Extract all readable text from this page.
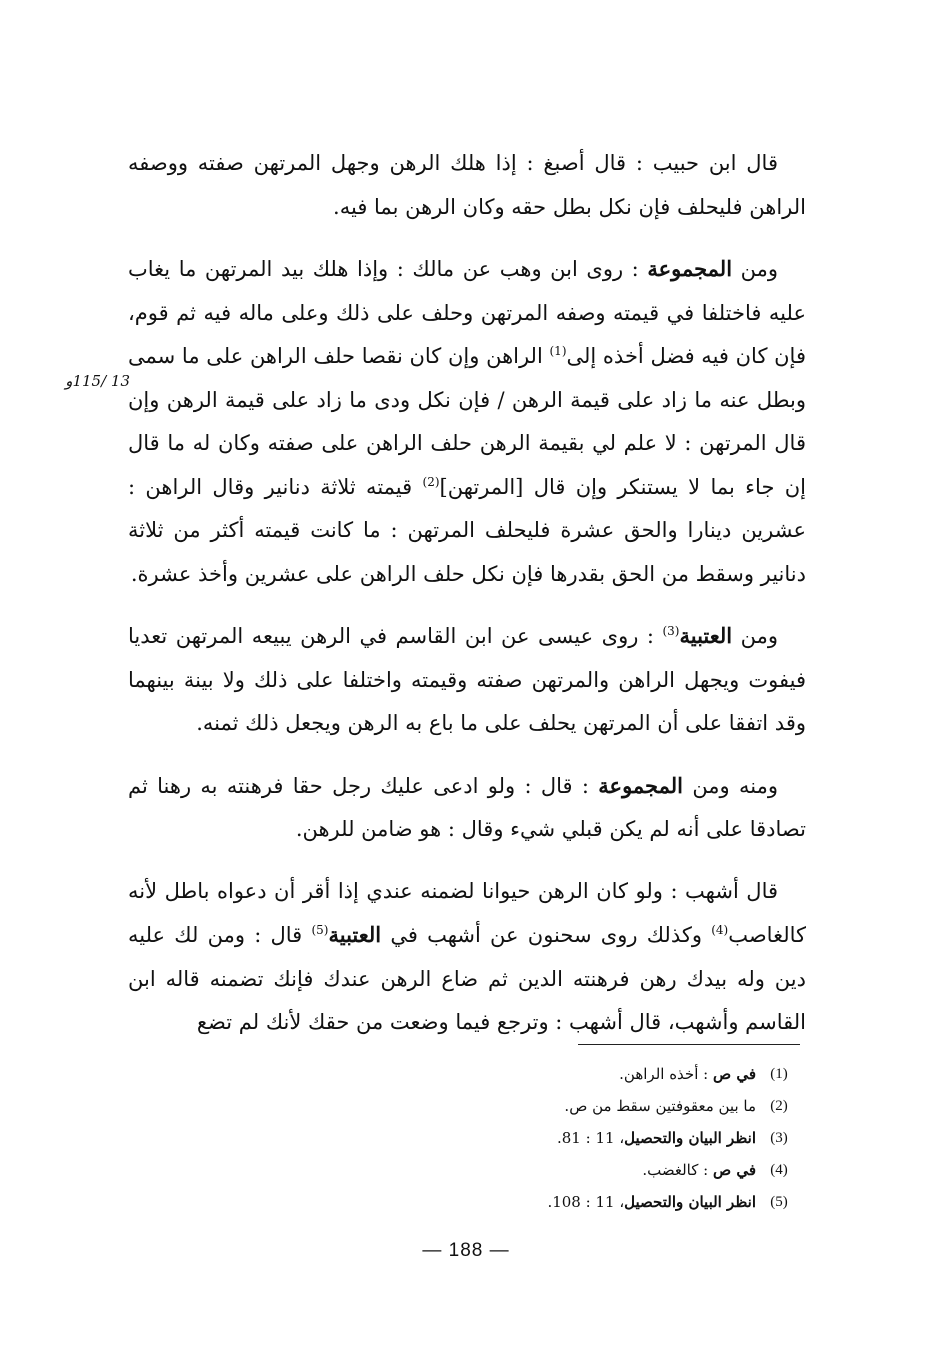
قال ابن حبيب : قال أصبغ : إذا هلك الرهن وجهل المرتهن صفته ووصفه الراهن فليحلف فإن نكل بطل حقه وكان الرهن بما فيه.

ومن المجموعة : روى ابن وهب عن مالك : وإذا هلك بيد المرتهن ما يغاب عليه فاختلفا في قيمته وصفه المرتهن وحلف على ذلك وعلى ماله فيه ثم قوم، فإن كان فيه فضل أخذه إلى$^{(1)}$ الراهن وإن كان نقصا حلف الراهن على ما سمى وبطل عنه ما زاد على قيمة الرهن / فإن نكل ودى ما زاد على قيمة الرهن وإن قال المرتهن : لا علم لي بقيمة الرهن حلف الراهن على صفته وكان له ما قال إن جاء بما لا يستنكر وإن قال [المرتهن]$^{(2)}$ قيمته ثلاثة دنانير وقال الراهن : عشرين دينارا والحق عشرة فليحلف المرتهن : ما كانت قيمته أكثر من ثلاثة دنانير وسقط من الحق بقدرها فإن نكل حلف الراهن على عشرين وأخذ عشرة.

ومن العتبية$^{(3)}$ : روى عيسى عن ابن القاسم في الرهن يبيعه المرتهن تعديا فيفوت ويجهل الراهن والمرتهن صفته وقيمته واختلفا على ذلك ولا بينة بينهما وقد اتفقا على أن المرتهن يحلف على ما باع به الرهن ويجعل ذلك ثمنه.

ومنه ومن المجموعة : قال : ولو ادعى عليك رجل حقا فرهنته به رهنا ثم تصادقا على أنه لم يكن قبلي شيء وقال : هو ضامن للرهن.

قال أشهب : ولو كان الرهن حيوانا لضمنه عندي إذا أقر أن دعواه باطل لأنه كالغاصب$^{(4)}$ وكذلك روى سحنون عن أشهب في العتبية$^{(5)}$ قال : ومن لك عليه دين وله بيدك رهن فرهنته الدين ثم ضاع الرهن عندك فإنك تضمنه قاله ابن القاسم وأشهب، قال أشهب : وترجع فيما وضعت من حقك لأنك لم تضع

13 /115و
(1)
في ص : أخذه الراهن.
(2)
ما بين معقوفتين سقط من ص.
(3)
انظر البيان والتحصيل، 11 : 81.
(4)
في ص : كالغضب.
(5)
انظر البيان والتحصيل، 11 : 108.
— 188 —
